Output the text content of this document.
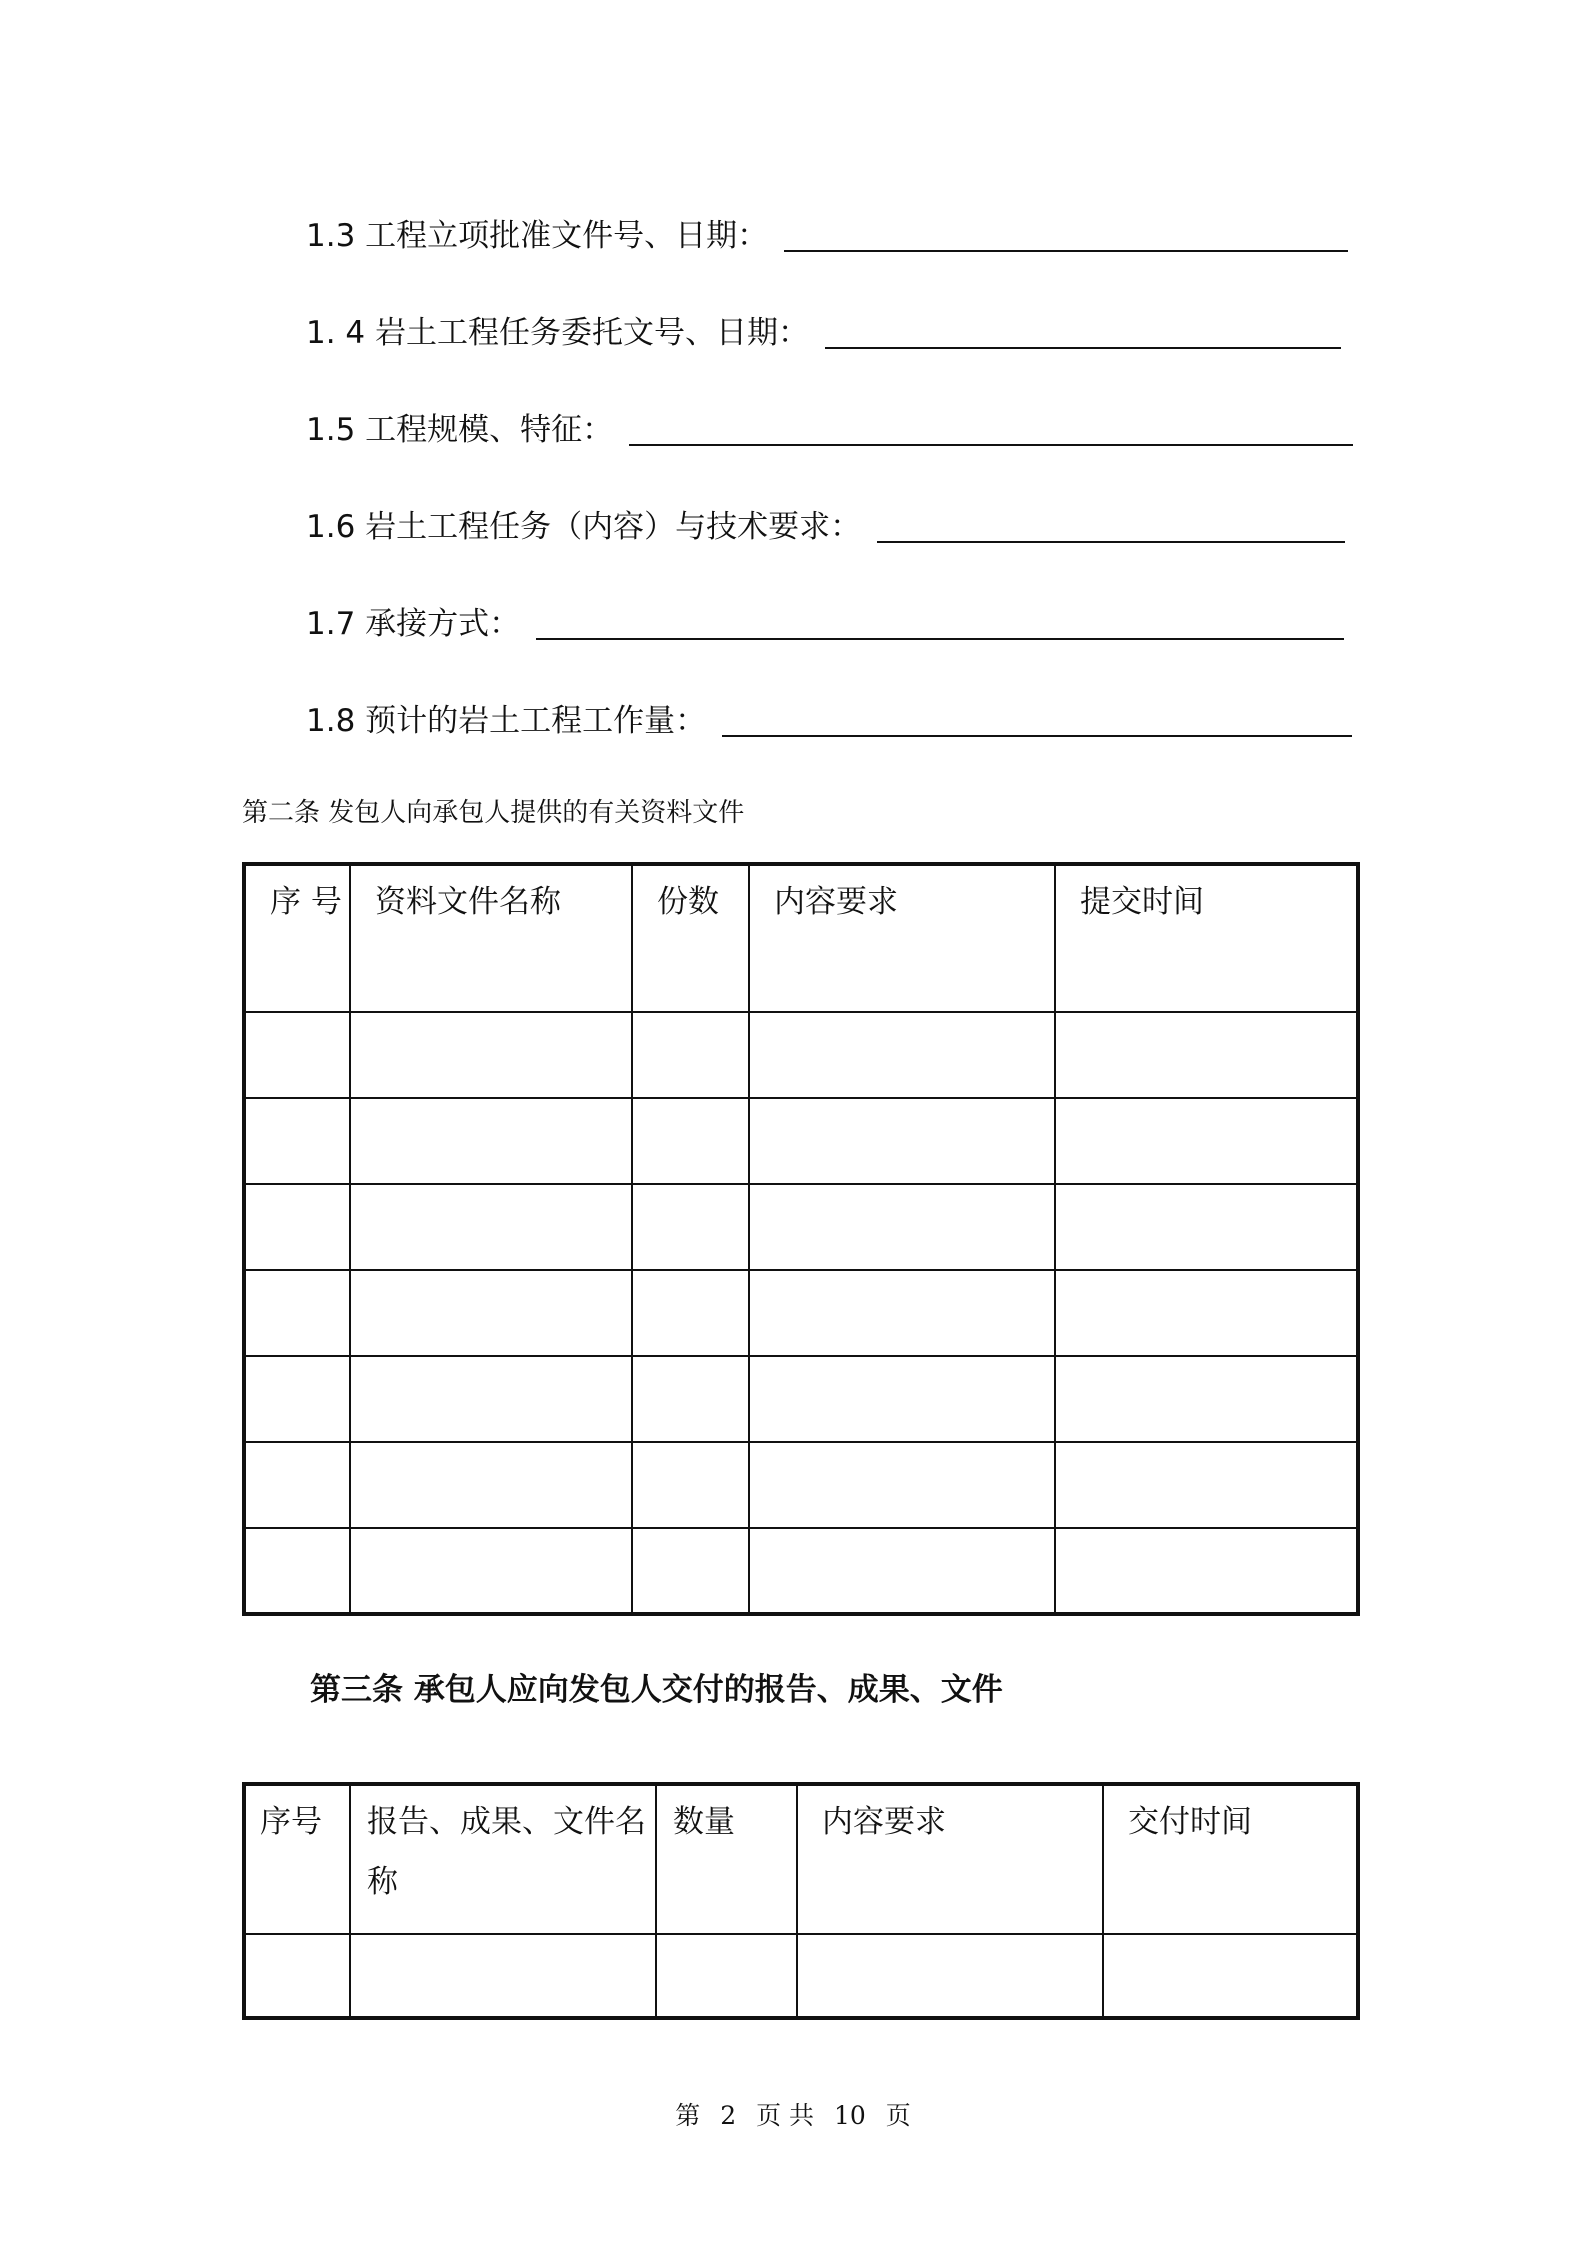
1.3 工程立项批准文件号、日期：
1. 4 岩土工程任务委托文号、日期：
1.5 工程规模、特征：
1.6 岩土工程任务（内容）与技术要求：
1.7 承接方式：
1.8 预计的岩土工程工作量：
第二条 发包人向承包人提供的有关资料文件
序 号	资料文件名称	份数	内容要求	提交时间

第三条 承包人应向发包人交付的报告、成果、文件
序号	报告、成果、文件名称	数量	内容要求	交付时间

第 2 页 共 10 页
